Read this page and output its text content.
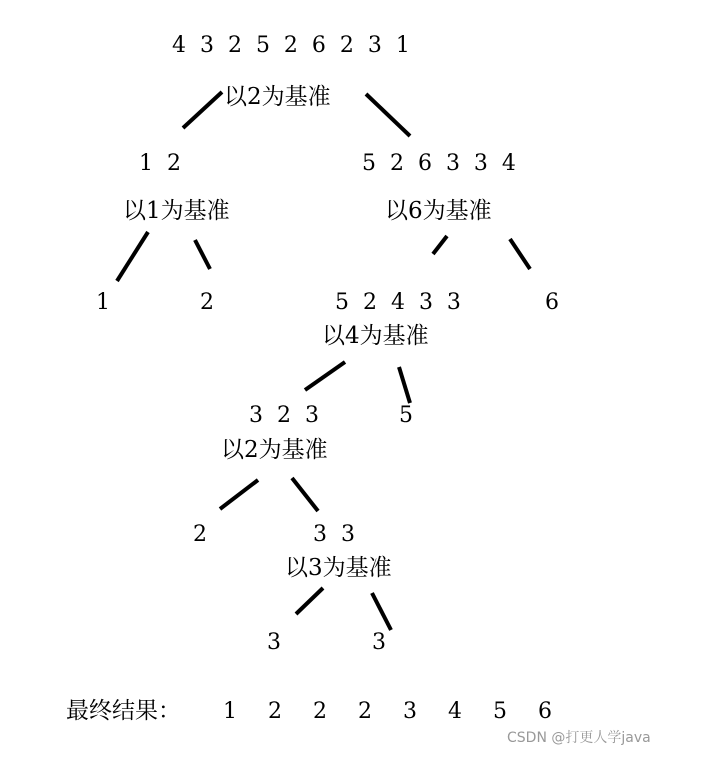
4  3  2  5  2  6  2  3  1
以2为基准
1  2
以1为基准
1	2
5  2  6  3  3  4
以6为基准
5  2  4  3  3	6
以4为基准
3  2  3	5
以2为基准
2	3  3
以3为基准
3	3
最终结果： 1 2 2 2 3 4 5 6
CSDN @打更人学java
